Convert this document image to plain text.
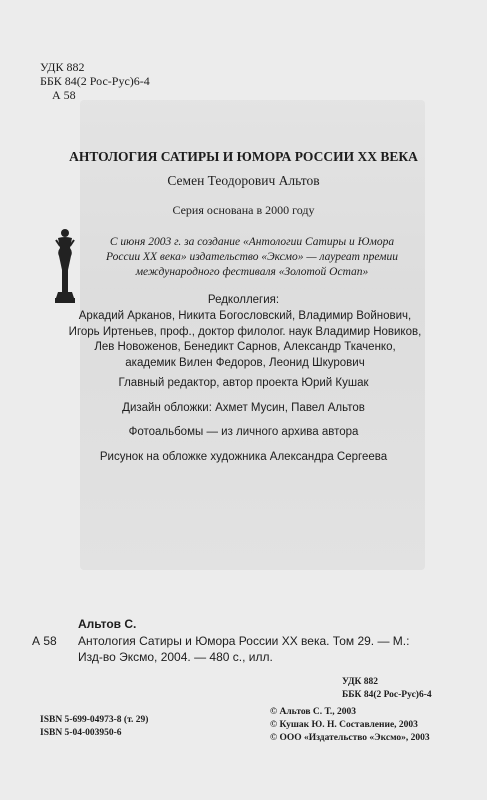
УДК 882
ББК 84(2 Рос-Рус)6-4
А 58
АНТОЛОГИЯ САТИРЫ И ЮМОРА РОССИИ XX ВЕКА
Семен Теодорович Альтов
Серия основана в 2000 году
С июня 2003 г. за создание «Антологии Сатиры и Юмора
России XX века» издательство «Эксмо» — лауреат премии
международного фестиваля «Золотой Остап»
Редколлегия:
Аркадий Арканов, Никита Богословский, Владимир Войнович,
Игорь Иртеньев, проф., доктор филолог. наук Владимир Новиков,
Лев Новоженов, Бенедикт Сарнов, Александр Ткаченко,
академик Вилен Федоров, Леонид Шкурович
Главный редактор, автор проекта Юрий Кушак
Дизайн обложки: Ахмет Мусин, Павел Альтов
Фотоальбомы — из личного архива автора
Рисунок на обложке художника Александра Сергеева
Альтов С.
А 58 Антология Сатиры и Юмора России XX века. Том 29. — М.:
Изд-во Эксмо, 2004. — 480 с., илл.
УДК 882
ББК 84(2 Рос-Рус)6-4
ISBN 5-699-04973-8 (т. 29)
ISBN 5-04-003950-6
© Альтов С. Т., 2003
© Кушак Ю. Н. Составление, 2003
© ООО «Издательство «Эксмо», 2003
